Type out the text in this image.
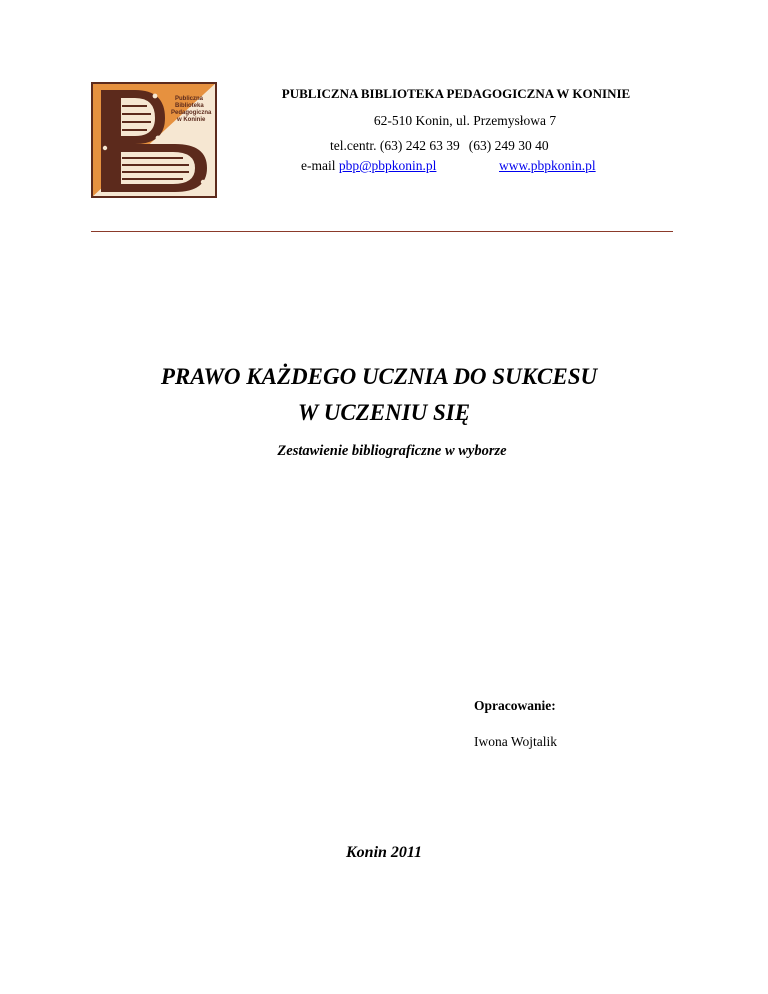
Publiczna
Biblioteka
Pedagogiczna
w Koninie
PUBLICZNA BIBLIOTEKA PEDAGOGICZNA W KONINIE
62-510 Konin, ul. Przemysłowa 7
tel.centr. (63) 242 63 39 (63) 249 30 40
e-mail pbp@pbpkonin.pl	www.pbpkonin.pl
PRAWO KAŻDEGO UCZNIA DO SUKCESU
W UCZENIU SIĘ
Zestawienie bibliograficzne w wyborze
Opracowanie:
Iwona Wojtalik
Konin 2011
